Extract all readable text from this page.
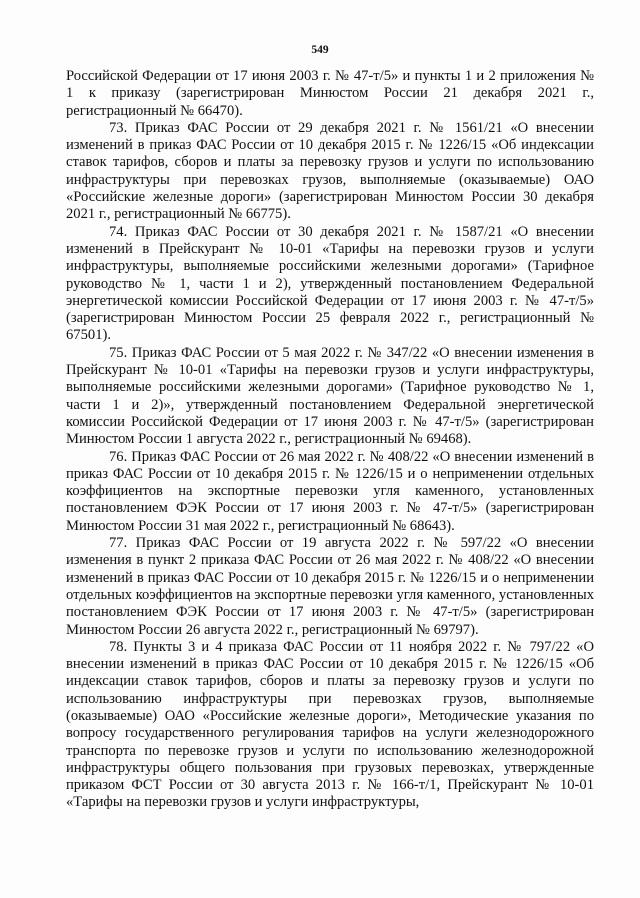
549

Российской Федерации от 17 июня 2003 г. № 47-т/5» и пункты 1 и 2 приложения № 1 к приказу (зарегистрирован Минюстом России 21 декабря 2021 г., регистрационный № 66470).

73. Приказ ФАС России от 29 декабря 2021 г. № 1561/21 «О внесении изменений в приказ ФАС России от 10 декабря 2015 г. № 1226/15 «Об индексации ставок тарифов, сборов и платы за перевозку грузов и услуги по использованию инфраструктуры при перевозках грузов, выполняемые (оказываемые) ОАО «Российские железные дороги» (зарегистрирован Минюстом России 30 декабря 2021 г., регистрационный № 66775).

74. Приказ ФАС России от 30 декабря 2021 г. № 1587/21 «О внесении изменений в Прейскурант № 10-01 «Тарифы на перевозки грузов и услуги инфраструктуры, выполняемые российскими железными дорогами» (Тарифное руководство № 1, части 1 и 2), утвержденный постановлением Федеральной энергетической комиссии Российской Федерации от 17 июня 2003 г. № 47-т/5» (зарегистрирован Минюстом России 25 февраля 2022 г., регистрационный № 67501).

75. Приказ ФАС России от 5 мая 2022 г. № 347/22 «О внесении изменения в Прейскурант № 10-01 «Тарифы на перевозки грузов и услуги инфраструктуры, выполняемые российскими железными дорогами» (Тарифное руководство № 1, части 1 и 2)», утвержденный постановлением Федеральной энергетической комиссии Российской Федерации от 17 июня 2003 г. № 47-т/5» (зарегистрирован Минюстом России 1 августа 2022 г., регистрационный № 69468).

76. Приказ ФАС России от 26 мая 2022 г. № 408/22 «О внесении изменений в приказ ФАС России от 10 декабря 2015 г. № 1226/15 и о неприменении отдельных коэффициентов на экспортные перевозки угля каменного, установленных постановлением ФЭК России от 17 июня 2003 г. № 47-т/5» (зарегистрирован Минюстом России 31 мая 2022 г., регистрационный № 68643).

77. Приказ ФАС России от 19 августа 2022 г. № 597/22 «О внесении изменения в пункт 2 приказа ФАС России от 26 мая 2022 г. № 408/22 «О внесении изменений в приказ ФАС России от 10 декабря 2015 г. № 1226/15 и о неприменении отдельных коэффициентов на экспортные перевозки угля каменного, установленных постановлением ФЭК России от 17 июня 2003 г. № 47-т/5» (зарегистрирован Минюстом России 26 августа 2022 г., регистрационный № 69797).

78. Пункты 3 и 4 приказа ФАС России от 11 ноября 2022 г. № 797/22 «О внесении изменений в приказ ФАС России от 10 декабря 2015 г. № 1226/15 «Об индексации ставок тарифов, сборов и платы за перевозку грузов и услуги по использованию инфраструктуры при перевозках грузов, выполняемые (оказываемые) ОАО «Российские железные дороги», Методические указания по вопросу государственного регулирования тарифов на услуги железнодорожного транспорта по перевозке грузов и услуги по использованию железнодорожной инфраструктуры общего пользования при грузовых перевозках, утвержденные приказом ФСТ России от 30 августа 2013 г. № 166-т/1, Прейскурант № 10-01 «Тарифы на перевозки грузов и услуги инфраструктуры,
